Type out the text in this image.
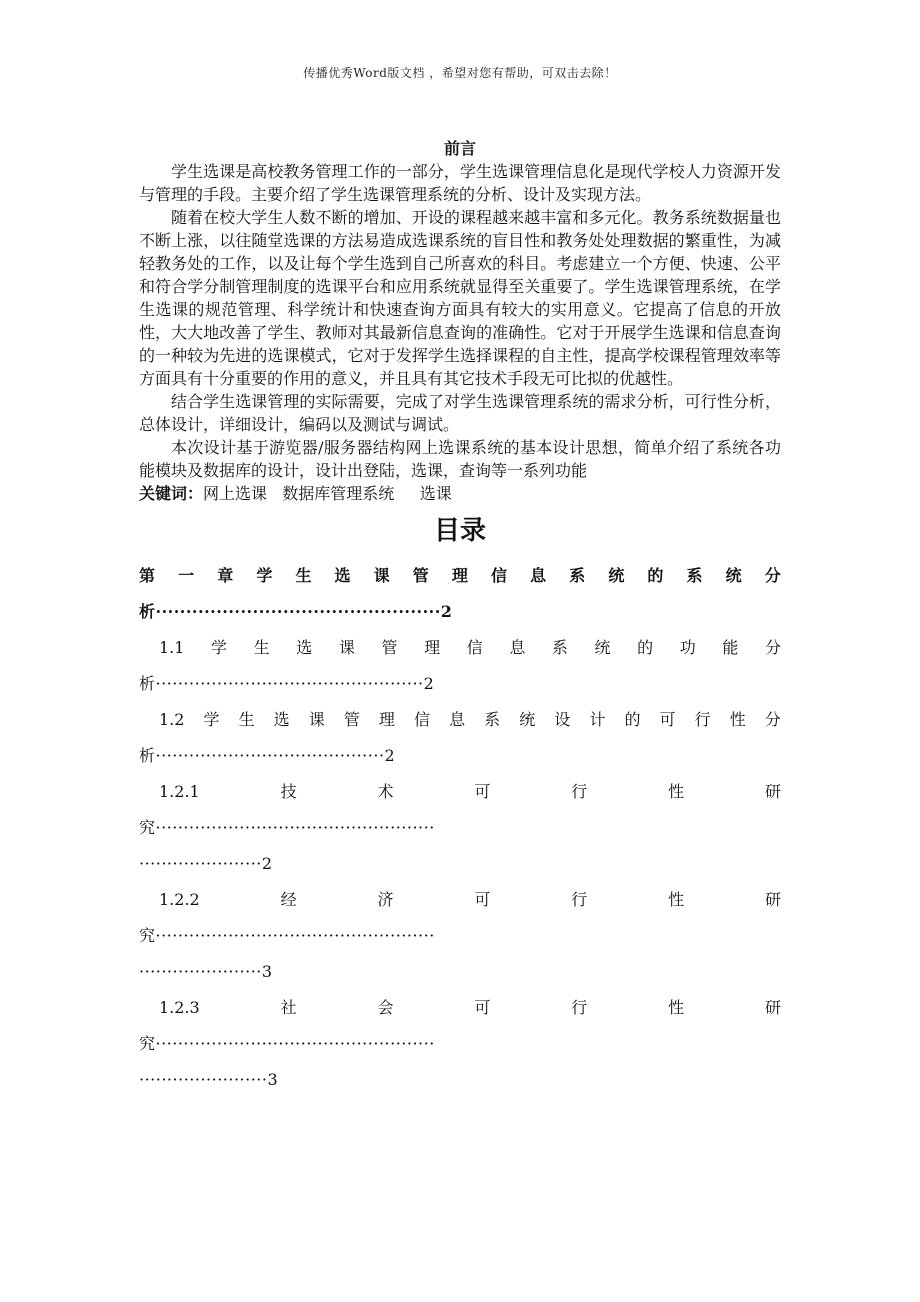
传播优秀Word版文档 ，希望对您有帮助，可双击去除！
前言

学生选课是高校教务管理工作的一部分，学生选课管理信息化是现代学校人力资源开发与管理的手段。主要介绍了学生选课管理系统的分析、设计及实现方法。

随着在校大学生人数不断的增加、开设的课程越来越丰富和多元化。教务系统数据量也不断上涨，以往随堂选课的方法易造成选课系统的盲目性和教务处处理数据的繁重性，为减轻教务处的工作，以及让每个学生选到自己所喜欢的科目。考虑建立一个方便、快速、公平和符合学分制管理制度的选课平台和应用系统就显得至关重要了。学生选课管理系统，在学生选课的规范管理、科学统计和快速查询方面具有较大的实用意义。它提高了信息的开放性，大大地改善了学生、教师对其最新信息查询的准确性。它对于开展学生选课和信息查询的一种较为先进的选课模式，它对于发挥学生选择课程的自主性，提高学校课程管理效率等方面具有十分重要的作用的意义，并且具有其它技术手段无可比拟的优越性。

结合学生选课管理的实际需要，完成了对学生选课管理系统的需求分析，可行性分析，总体设计，详细设计，编码以及测试与调试。

本次设计基于游览器/服务器结构网上选课系统的基本设计思想，简单介绍了系统各功能模块及数据库的设计，设计出登陆，选课，查询等一系列功能

关键词：网上选课   数据库管理系统     选课

目录
第 一 章 学 生 选 课 管 理 信 息 系 统 的 系 统 分
析···············································2
1.1 学 生 选 课 管 理 信 息 系 统 的 功 能 分
析················································2
1.2 学 生 选 课 管 理 信 息 系 统 设 计 的 可 行 性 分
析·········································2
1.2.1	技	术	可	行	性	研
究··················································
······················2
1.2.2	经	济	可	行	性	研
究··················································
······················3
1.2.3	社	会	可	行	性	研
究··················································
·······················3
